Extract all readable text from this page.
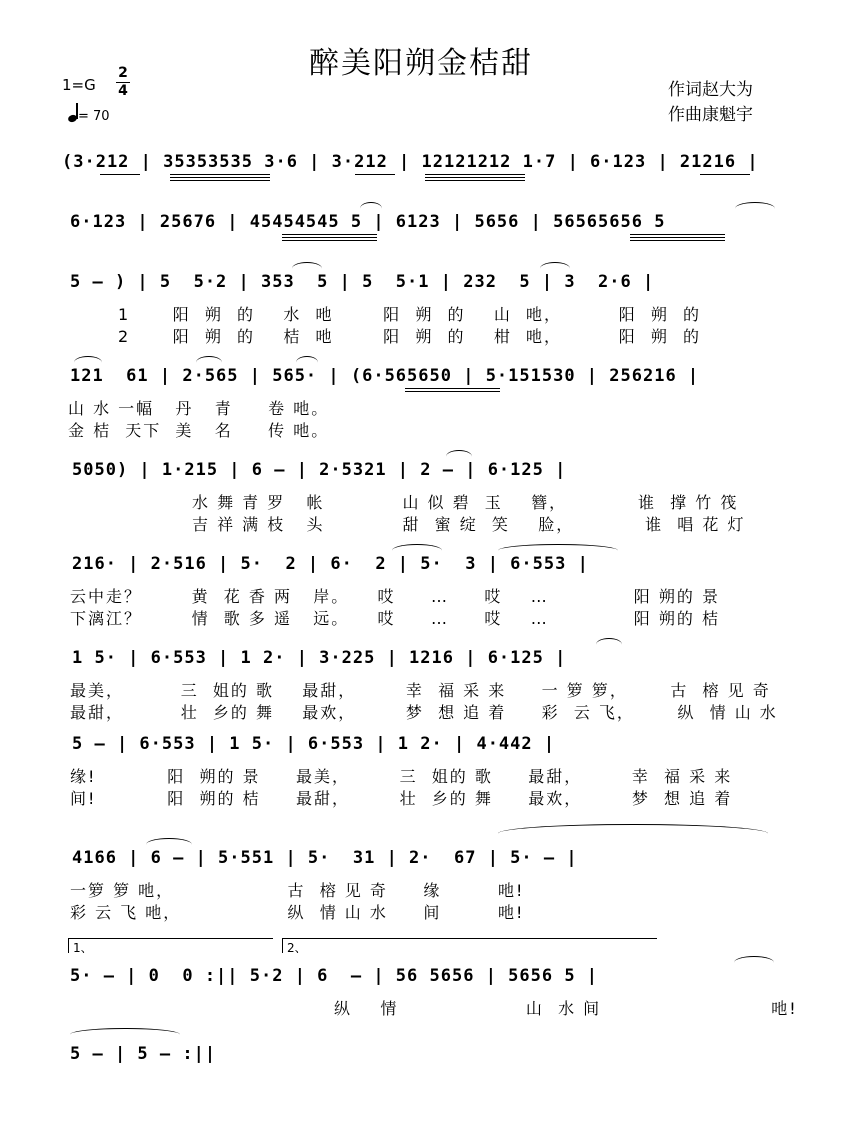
醉美阳朔金桔甜
1=G
2
4
= 70
作词赵大为
作曲康魁宇
(3·212 | 35353535 3·6 | 3·212 | 12121212 1·7 | 6·123 | 21216 |
6·123 | 25676 | 45454545 5 | 6123 | 5656 | 56565656 5
5 – ) | 5  5·2 | 353  5 | 5  5·1 | 232  5 | 3  2·6 |
1      阳  朔  的    水  吔       阳  朔  的    山  吔，        阳  朔  的
2      阳  朔  的    桔  吔       阳  朔  的    柑  吔，        阳  朔  的
121  61 | 2·565 | 565· | (6·565650 | 5·151530 | 256216 |
山 水 一幅   丹   青     卷 吔。
金 桔  天下  美   名     传 吔。
5050) | 1·215 | 6 – | 2·5321 | 2 – | 6·125 |
水 舞 青 罗   帐           山 似 碧  玉    簪，          谁  撑 竹 筏
吉 祥 满 枝   头           甜  蜜 绽  笑    脸，          谁  唱 花 灯
216· | 2·516 | 5·  2 | 6·  2 | 5·  3 | 6·553 |
云中走？       黄  花 香 两   岸。    哎     …     哎    …            阳 朔的 景
下漓江？       情  歌 多 遥   远。    哎     …     哎    …            阳 朔的 桔
1 5· | 6·553 | 1 2· | 3·225 | 1216 | 6·125 |
最美，        三  姐的 歌    最甜，       幸  福 采 来     一 箩 箩，      古  榕 见 奇
最甜，        壮  乡的 舞    最欢，       梦  想 追 着     彩  云 飞，      纵  情 山 水
5 – | 6·553 | 1 5· | 6·553 | 1 2· | 4·442 |
缘!          阳  朔的 景     最美，       三  姐的 歌     最甜，       幸  福 采 来
间!          阳  朔的 桔     最甜，       壮  乡的 舞     最欢，       梦  想 追 着
4166 | 6 – | 5·551 | 5·  31 | 2·  67 | 5· – |
一箩 箩 吔，                古  榕 见 奇     缘        吔!
彩 云 飞 吔，               纵  情 山 水     间        吔!
1、	2、
5· – | 0  0 :|| 5·2 | 6  – | 56 5656 | 5656 5 |
纵    情                  山  水 间                        吔!
5 – | 5 – :||
